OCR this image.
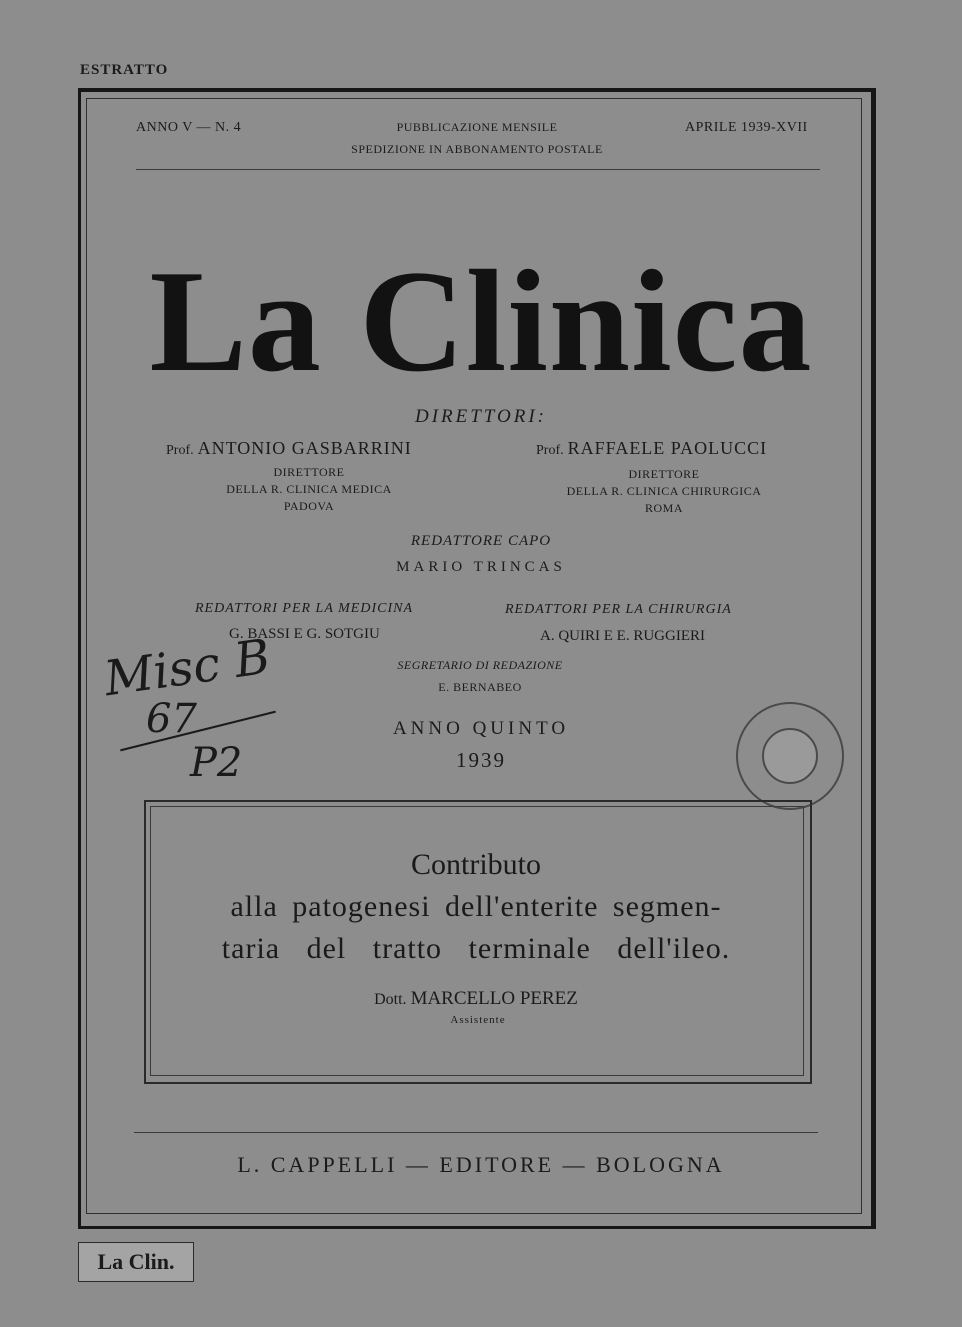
ESTRATTO
ANNO V — N. 4	PUBBLICAZIONE MENSILE
SPEDIZIONE IN ABBONAMENTO POSTALE
APRILE 1939-XVII
La Clinica
DIRETTORI:
Prof. ANTONIO GASBARRINI
DIRETTORE
DELLA R. CLINICA MEDICA
PADOVA
Prof. RAFFAELE PAOLUCCI
DIRETTORE
DELLA R. CLINICA CHIRURGICA
ROMA
REDATTORE CAPO
MARIO TRINCAS
REDATTORI PER LA MEDICINA
G. BASSI E G. SOTGIU
REDATTORI PER LA CHIRURGIA
A. QUIRI E E. RUGGIERI
SEGRETARIO DI REDAZIONE
E. BERNABEO
ANNO QUINTO
1939
Misc B
67
P2
Contributo
alla patogenesi dell'enterite segmen-
taria del tratto terminale dell'ileo.
Dott. MARCELLO PEREZ
Assistente
L. CAPPELLI — EDITORE — BOLOGNA
La Clin.
